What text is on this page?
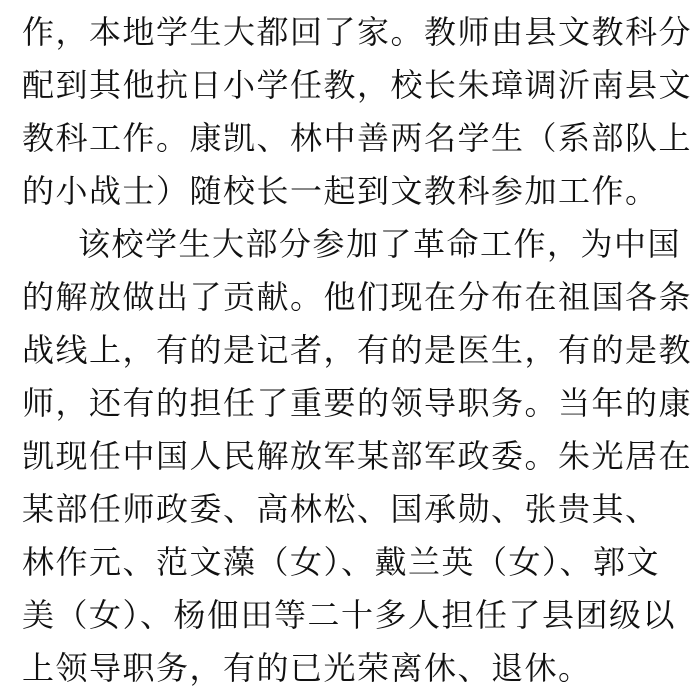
作，本地学生大都回了家。教师由县文教科分
配到其他抗日小学任教，校长朱璋调沂南县文
教科工作。康凯、林中善两名学生（系部队上
的小战士）随校长一起到文教科参加工作。
该校学生大部分参加了革命工作，为中国
的解放做出了贡献。他们现在分布在祖国各条
战线上，有的是记者，有的是医生，有的是教
师，还有的担任了重要的领导职务。当年的康
凯现任中国人民解放军某部军政委。朱光居在
某部任师政委、高林松、国承勋、张贵其、
林作元、范文藻（女）、戴兰英（女）、郭文
美（女）、杨佃田等二十多人担任了县团级以
上领导职务，有的已光荣离休、退休。
